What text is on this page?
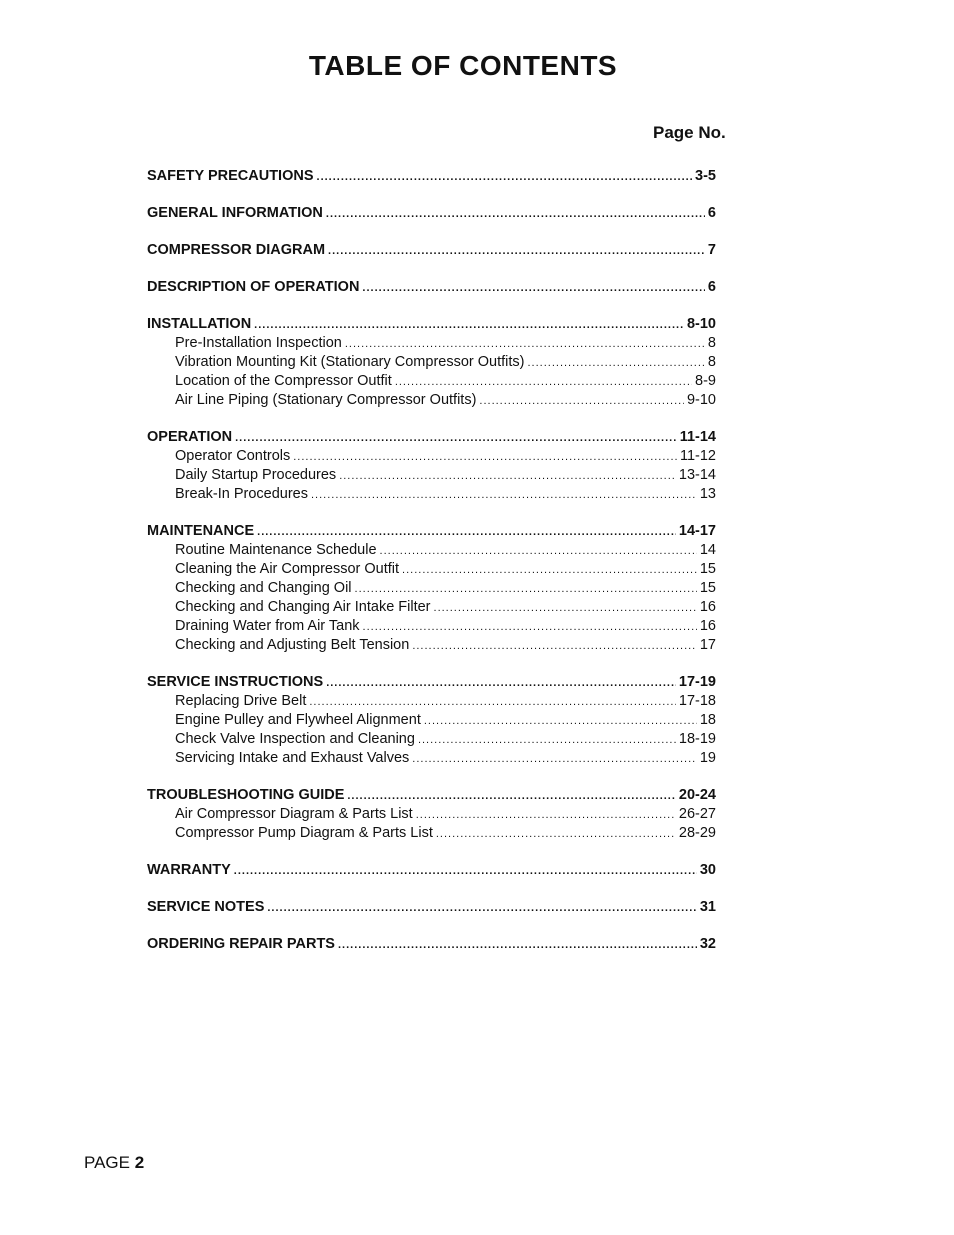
TABLE OF CONTENTS
Page No.
SAFETY PRECAUTIONS .....	3-5
GENERAL INFORMATION .....	6
COMPRESSOR DIAGRAM .....	7
DESCRIPTION OF OPERATION .....	6
INSTALLATION .....	8-10
Pre-Installation Inspection .....	8
Vibration Mounting Kit (Stationary Compressor Outfits) .....	8
Location of the Compressor Outfit .....	8-9
Air Line Piping (Stationary Compressor Outfits) .....	9-10
OPERATION .....	11-14
Operator Controls .....	11-12
Daily Startup Procedures .....	13-14
Break-In Procedures .....	13
MAINTENANCE .....	14-17
Routine Maintenance Schedule .....	14
Cleaning the Air Compressor Outfit .....	15
Checking and Changing Oil .....	15
Checking and Changing Air Intake Filter .....	16
Draining Water from Air Tank .....	16
Checking and Adjusting Belt Tension .....	17
SERVICE INSTRUCTIONS .....	17-19
Replacing Drive Belt .....	17-18
Engine Pulley and Flywheel Alignment .....	18
Check Valve Inspection and Cleaning .....	18-19
Servicing Intake and Exhaust Valves .....	19
TROUBLESHOOTING GUIDE .....	20-24
Air Compressor Diagram & Parts List .....	26-27
Compressor Pump Diagram & Parts List .....	28-29
WARRANTY .....	30
SERVICE NOTES .....	31
ORDERING REPAIR PARTS .....	32
PAGE 2
